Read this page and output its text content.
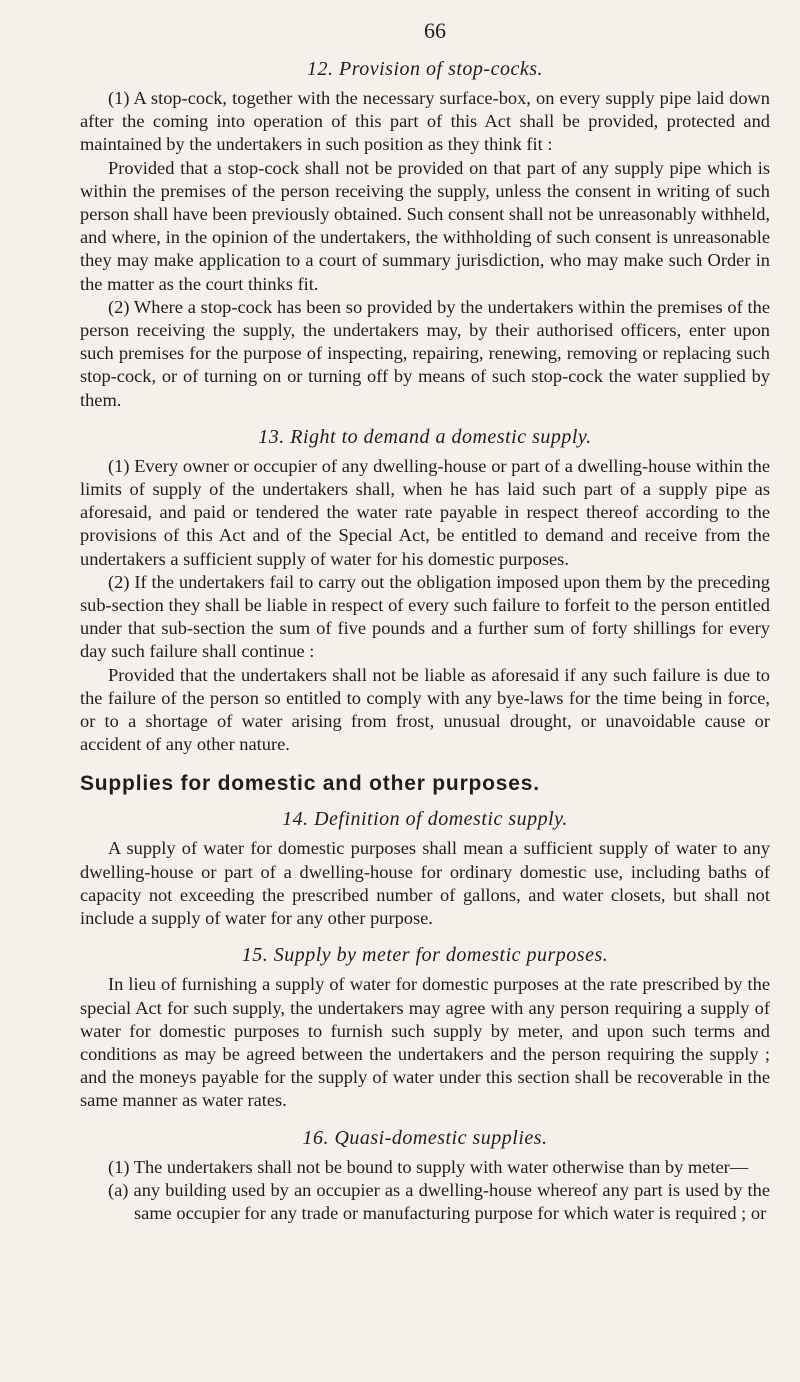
66
12. Provision of stop-cocks.

(1) A stop-cock, together with the necessary surface-box, on every supply pipe laid down after the coming into operation of this part of this Act shall be provided, protected and maintained by the undertakers in such position as they think fit :

Provided that a stop-cock shall not be provided on that part of any supply pipe which is within the premises of the person receiving the supply, unless the consent in writing of such person shall have been previously obtained. Such consent shall not be unreasonably withheld, and where, in the opinion of the undertakers, the withholding of such consent is unreasonable they may make application to a court of summary jurisdiction, who may make such Order in the matter as the court thinks fit.

(2) Where a stop-cock has been so provided by the undertakers within the premises of the person receiving the supply, the undertakers may, by their authorised officers, enter upon such premises for the purpose of inspecting, repairing, renewing, removing or replacing such stop-cock, or of turning on or turning off by means of such stop-cock the water supplied by them.

13. Right to demand a domestic supply.

(1) Every owner or occupier of any dwelling-house or part of a dwelling-house within the limits of supply of the undertakers shall, when he has laid such part of a supply pipe as aforesaid, and paid or tendered the water rate payable in respect thereof according to the provisions of this Act and of the Special Act, be entitled to demand and receive from the undertakers a sufficient supply of water for his domestic purposes.

(2) If the undertakers fail to carry out the obligation imposed upon them by the preceding sub-section they shall be liable in respect of every such failure to forfeit to the person entitled under that sub-section the sum of five pounds and a further sum of forty shillings for every day such failure shall continue :

Provided that the undertakers shall not be liable as aforesaid if any such failure is due to the failure of the person so entitled to comply with any bye-laws for the time being in force, or to a shortage of water arising from frost, unusual drought, or unavoidable cause or accident of any other nature.

Supplies for domestic and other purposes.
14. Definition of domestic supply.

A supply of water for domestic purposes shall mean a sufficient supply of water to any dwelling-house or part of a dwelling-house for ordinary domestic use, including baths of capacity not exceeding the prescribed number of gallons, and water closets, but shall not include a supply of water for any other purpose.

15. Supply by meter for domestic purposes.

In lieu of furnishing a supply of water for domestic purposes at the rate prescribed by the special Act for such supply, the undertakers may agree with any person requiring a supply of water for domestic purposes to furnish such supply by meter, and upon such terms and conditions as may be agreed between the undertakers and the person requiring the supply ; and the moneys payable for the supply of water under this section shall be recoverable in the same manner as water rates.

16. Quasi-domestic supplies.

(1) The undertakers shall not be bound to supply with water otherwise than by meter—

(a) any building used by an occupier as a dwelling-house whereof any part is used by the same occupier for any trade or manufacturing purpose for which water is required ; or
